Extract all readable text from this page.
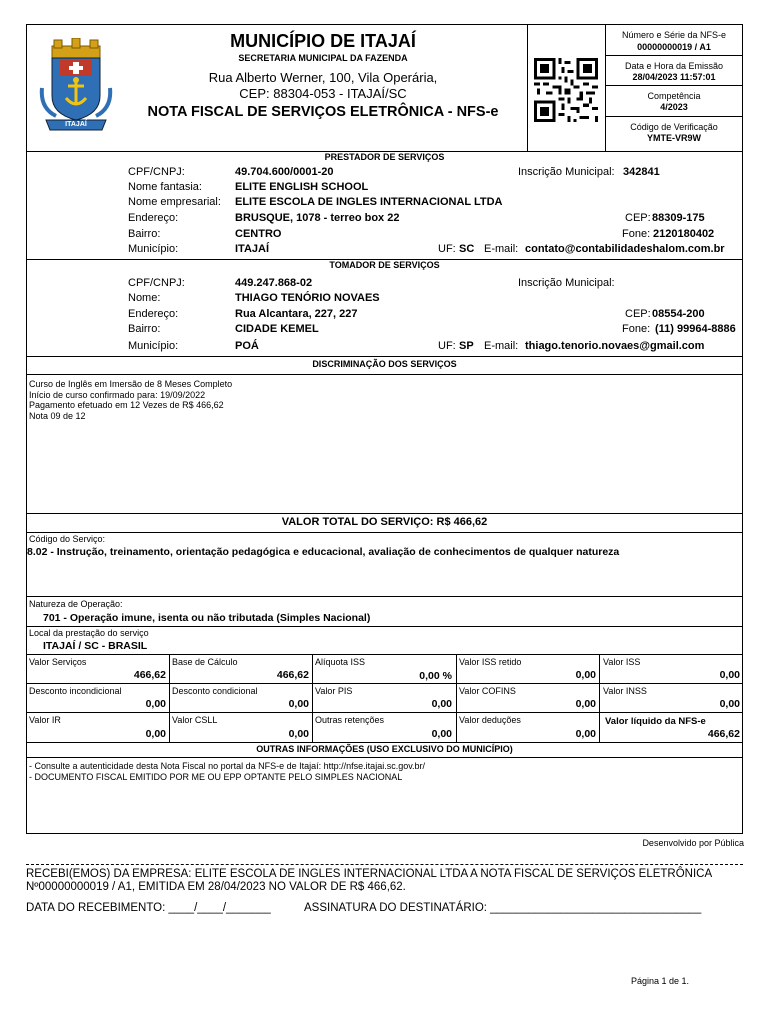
ITAJAÍ
MUNICÍPIO DE ITAJAÍ
SECRETARIA MUNICIPAL DA FAZENDA
Rua Alberto Werner, 100, Vila Operária,
CEP: 88304-053 - ITAJAÍ/SC
NOTA FISCAL DE SERVIÇOS ELETRÔNICA - NFS-e
Número e Série da NFS-e
00000000019 / A1
Data e Hora da Emissão
28/04/2023 11:57:01
Competência
4/2023
Código de Verificação
YMTE-VR9W
PRESTADOR DE SERVIÇOS
CPF/CNPJ:	49.704.600/0001-20	Inscrição Municipal: 342841
Nome fantasia:	ELITE ENGLISH SCHOOL
Nome empresarial: ELITE ESCOLA DE INGLES INTERNACIONAL LTDA
Endereço:	BRUSQUE, 1078 - terreo box 22	CEP: 88309-175
Bairro:	CENTRO	Fone: 2120180402
Município:	ITAJAÍ	UF: SC E-mail: contato@contabilidadeshalom.com.br
TOMADOR DE SERVIÇOS
CPF/CNPJ:	449.247.868-02	Inscrição Municipal:
Nome:	THIAGO TENÓRIO NOVAES
Endereço:	Rua Alcantara, 227, 227	CEP: 08554-200
Bairro:	CIDADE KEMEL	Fone: (11) 99964-8886
Município:	POÁ	UF: SP E-mail: thiago.tenorio.novaes@gmail.com
DISCRIMINAÇÃO DOS SERVIÇOS
Curso de Inglês em Imersão de 8 Meses Completo
Início de curso confirmado para: 19/09/2022
Pagamento efetuado em 12 Vezes de R$ 466,62
Nota 09 de 12
VALOR TOTAL DO SERVIÇO: R$ 466,62
Código do Serviço:
8.02 - Instrução, treinamento, orientação pedagógica e educacional, avaliação de conhecimentos de qualquer natureza
Natureza de Operação:
701 - Operação imune, isenta ou não tributada (Simples Nacional)
Local da prestação do serviço
ITAJAÍ / SC - BRASIL
Valor Serviços
466,62
Base de Cálculo
466,62
Alíquota ISS
0,00 %
Valor ISS retido
0,00
Valor ISS
0,00
Desconto incondicional
0,00
Desconto condicional
0,00
Valor PIS
0,00
Valor COFINS
0,00
Valor INSS
0,00
Valor IR
0,00
Valor CSLL
0,00
Outras retenções
0,00
Valor deduções
0,00
Valor líquido da NFS-e
466,62
OUTRAS INFORMAÇÕES (USO EXCLUSIVO DO MUNICÍPIO)
- Consulte a autenticidade desta Nota Fiscal no portal da NFS-e de Itajaí: http://nfse.itajai.sc.gov.br/
- DOCUMENTO FISCAL EMITIDO POR ME OU EPP OPTANTE PELO SIMPLES NACIONAL
Desenvolvido por Pública
RECEBI(EMOS) DA EMPRESA: ELITE ESCOLA DE INGLES INTERNACIONAL LTDA A NOTA FISCAL DE SERVIÇOS ELETRÔNICA
Nº00000000019 / A1, EMITIDA EM 28/04/2023 NO VALOR DE R$ 466,62.
DATA DO RECEBIMENTO: ____/____/_______	ASSINATURA DO DESTINATÁRIO: _________________________________
Página 1 de 1.
